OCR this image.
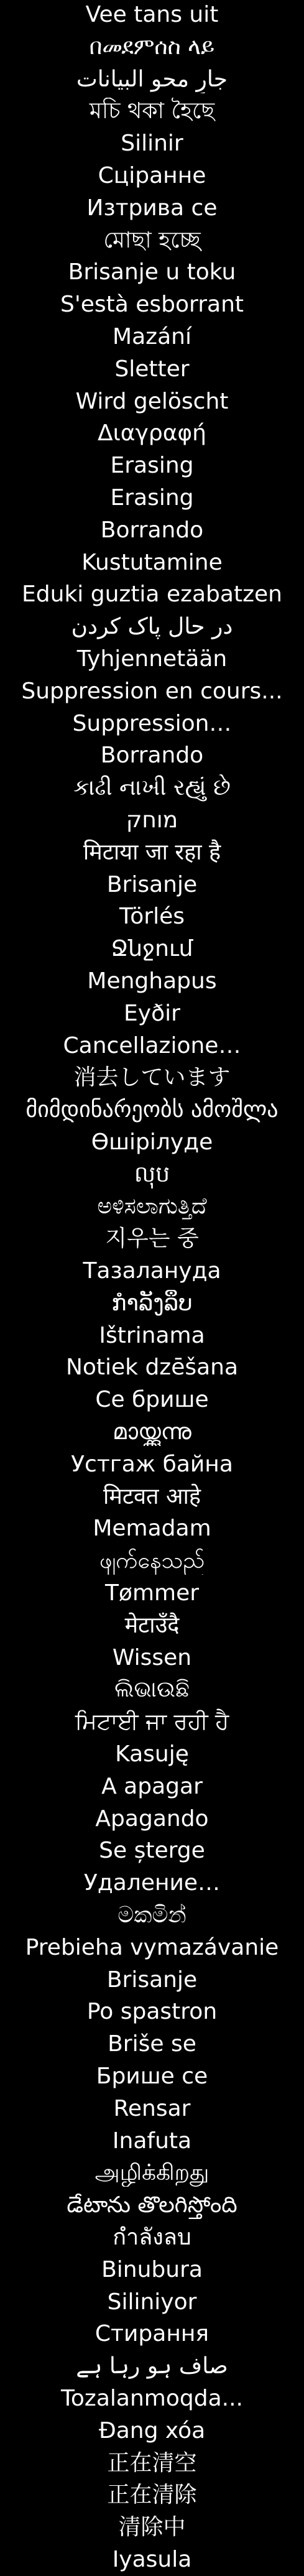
Vee tans uit
በመደምሰስ ላይ
جارٍ محو البيانات
মচি থকা হৈছে
Silinir
Сціранне
Изтрива се
মোছা হচ্ছে
Brisanje u toku
S'està esborrant
Mazání
Sletter
Wird gelöscht
Διαγραφή
Erasing
Erasing
Borrando
Kustutamine
Eduki guztia ezabatzen
در حال پاک کردن
Tyhjennetään
Suppression en cours...
Suppression…
Borrando
કાઢી નાખી રહ્યું છે
מוחק
मिटाया जा रहा है
Brisanje
Törlés
Ջնջում
Menghapus
Eyðir
Cancellazione…
消去しています
მიმდინარეობს ამოშლა
Өшірілуде
លុប
ಅಳಿಸಲಾಗುತ್ತಿದೆ
지우는 중
Тазалануда
ກຳລັງລຶບ
Ištrinama
Notiek dzēšana
Се брише
മായ്ക്കുന്നു
Устгаж байна
मिटवत आहे
Memadam
ဖျက်နေသည်
Tømmer
मेटाउँदै
Wissen
ଲିଭାଉଛି
ਮਿਟਾਈ ਜਾ ਰਹੀ ਹੈ
Kasuję
A apagar
Apagando
Se șterge
Удаление…
මකමින්
Prebieha vymazávanie
Brisanje
Po spastron
Briše se
Брише се
Rensar
Inafuta
அழிக்கிறது
డేటాను తొలగిస్తోంది
กำลังลบ
Binubura
Siliniyor
Стирання
صاف ہو رہا ہے
Tozalanmoqda...
Đang xóa
正在清空
正在清除
清除中
Iyasula
